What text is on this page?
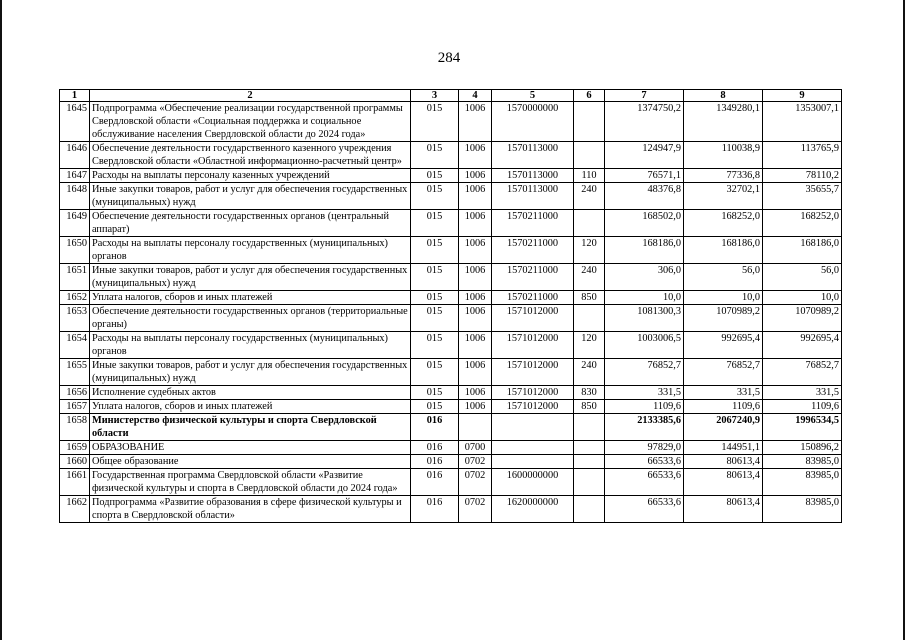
284
1	2	3	4	5	6	7	8	9
1645	Подпрограмма «Обеспечение реализации государственной программы Свердловской области «Социальная поддержка и социальное обслуживание населения Свердловской области до 2024 года»	015	1006	1570000000		1374750,2	1349280,1	1353007,1
1646	Обеспечение деятельности государственного казенного учреждения Свердловской области «Областной информационно-расчетный центр»	015	1006	1570113000		124947,9	110038,9	113765,9
1647	Расходы на выплаты персоналу казенных учреждений	015	1006	1570113000	110	76571,1	77336,8	78110,2
1648	Иные закупки товаров, работ и услуг для обеспечения государственных (муниципальных) нужд	015	1006	1570113000	240	48376,8	32702,1	35655,7
1649	Обеспечение деятельности государственных органов (центральный аппарат)	015	1006	1570211000		168502,0	168252,0	168252,0
1650	Расходы на выплаты персоналу государственных (муниципальных) органов	015	1006	1570211000	120	168186,0	168186,0	168186,0
1651	Иные закупки товаров, работ и услуг для обеспечения государственных (муниципальных) нужд	015	1006	1570211000	240	306,0	56,0	56,0
1652	Уплата налогов, сборов и иных платежей	015	1006	1570211000	850	10,0	10,0	10,0
1653	Обеспечение деятельности государственных органов (территориальные органы)	015	1006	1571012000		1081300,3	1070989,2	1070989,2
1654	Расходы на выплаты персоналу государственных (муниципальных) органов	015	1006	1571012000	120	1003006,5	992695,4	992695,4
1655	Иные закупки товаров, работ и услуг для обеспечения государственных (муниципальных) нужд	015	1006	1571012000	240	76852,7	76852,7	76852,7
1656	Исполнение судебных актов	015	1006	1571012000	830	331,5	331,5	331,5
1657	Уплата налогов, сборов и иных платежей	015	1006	1571012000	850	1109,6	1109,6	1109,6
1658	Министерство физической культуры и спорта Свердловской области	016				2133385,6	2067240,9	1996534,5
1659	ОБРАЗОВАНИЕ	016	0700			97829,0	144951,1	150896,2
1660	Общее образование	016	0702			66533,6	80613,4	83985,0
1661	Государственная программа Свердловской области «Развитие физической культуры и спорта в Свердловской области до 2024 года»	016	0702	1600000000		66533,6	80613,4	83985,0
1662	Подпрограмма «Развитие образования в сфере физической культуры и спорта в Свердловской области»	016	0702	1620000000		66533,6	80613,4	83985,0
